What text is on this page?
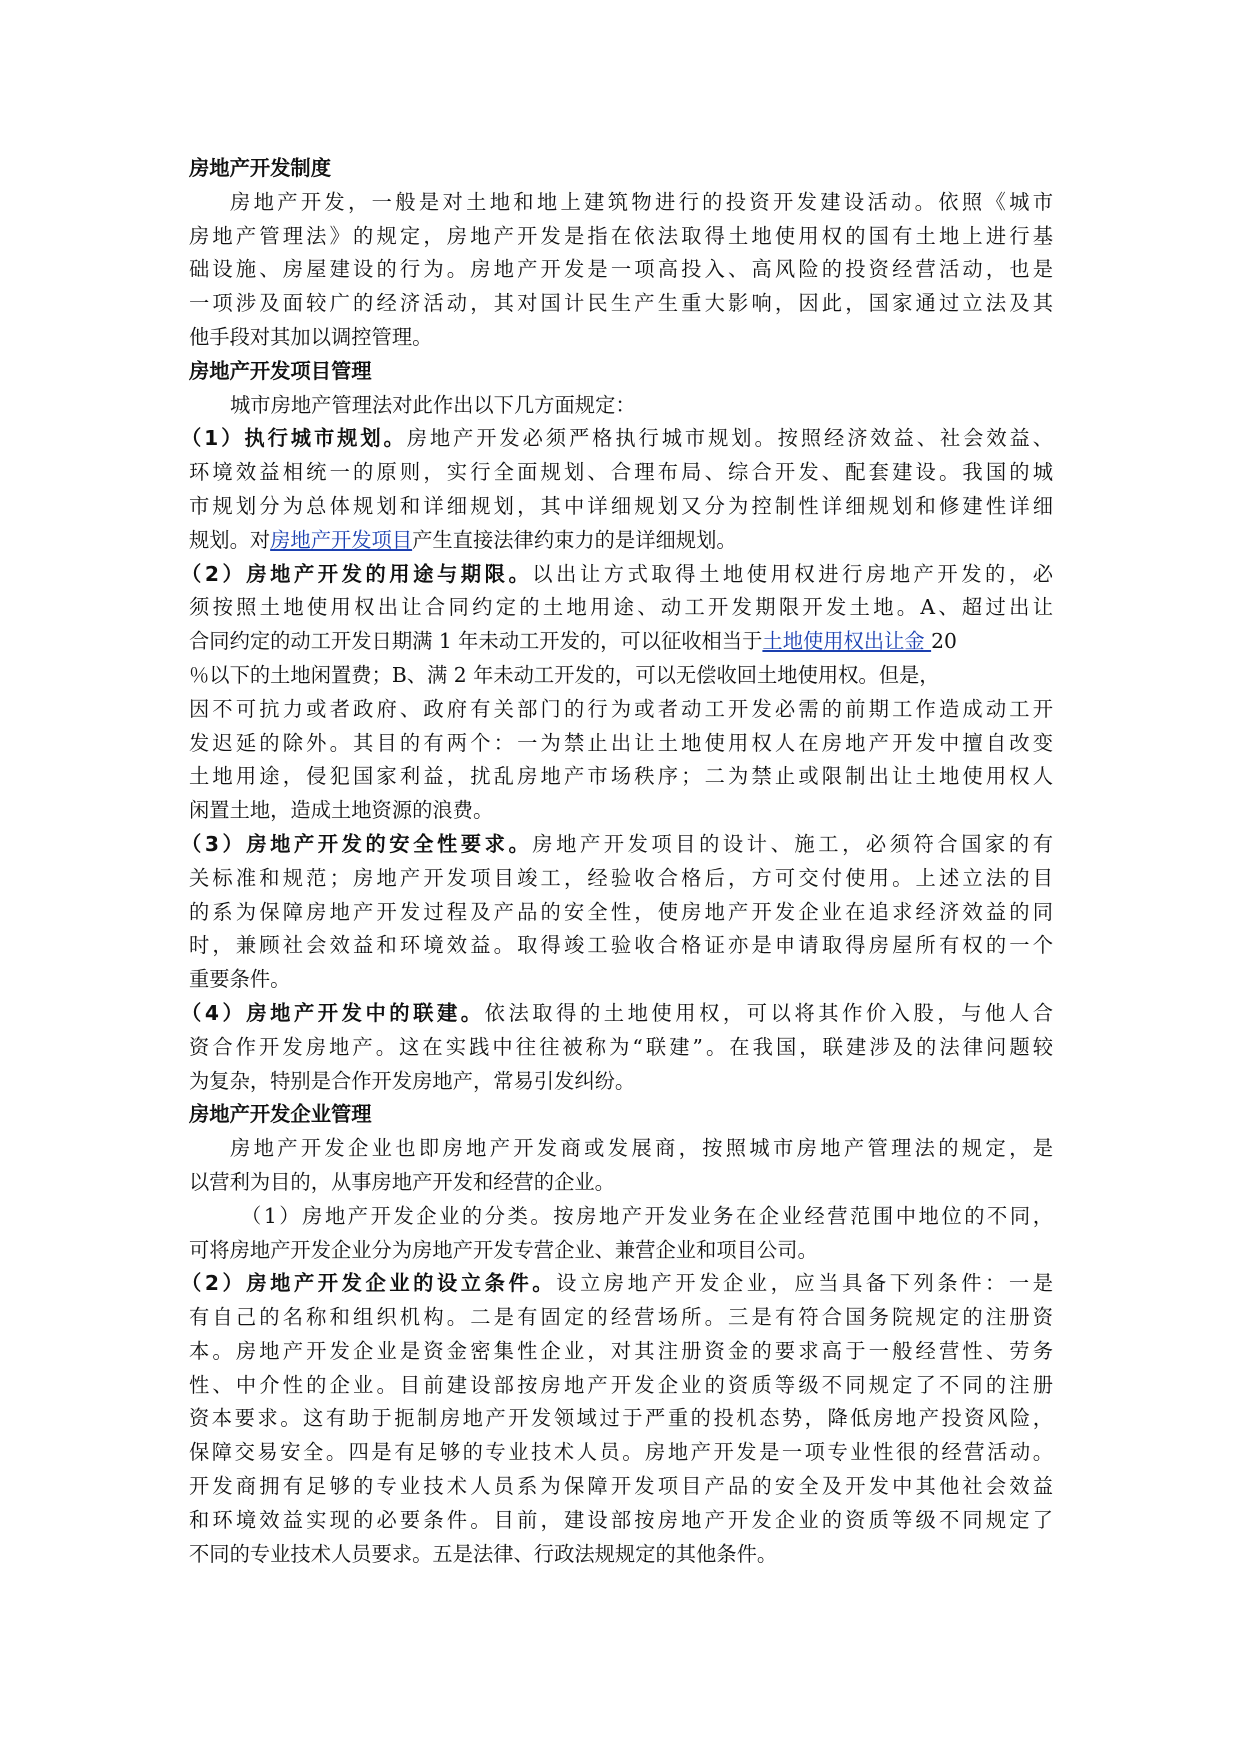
房地产开发制度
房地产开发，一般是对土地和地上建筑物进行的投资开发建设活动。依照《城市
房地产管理法》的规定，房地产开发是指在依法取得土地使用权的国有土地上进行基
础设施、房屋建设的行为。房地产开发是一项高投入、高风险的投资经营活动，也是
一项涉及面较广的经济活动，其对国计民生产生重大影响，因此，国家通过立法及其
他手段对其加以调控管理。
房地产开发项目管理
城市房地产管理法对此作出以下几方面规定：
（1）执行城市规划。房地产开发必须严格执行城市规划。按照经济效益、社会效益、
环境效益相统一的原则，实行全面规划、合理布局、综合开发、配套建设。我国的城
市规划分为总体规划和详细规划，其中详细规划又分为控制性详细规划和修建性详细
规划。对房地产开发项目产生直接法律约束力的是详细规划。
（2）房地产开发的用途与期限。以出让方式取得土地使用权进行房地产开发的，必
须按照土地使用权出让合同约定的土地用途、动工开发期限开发土地。A、超过出让
合同约定的动工开发日期满 1 年未动工开发的，可以征收相当于土地使用权出让金 20
％以下的土地闲置费；B、满 2 年未动工开发的，可以无偿收回土地使用权。但是，
因不可抗力或者政府、政府有关部门的行为或者动工开发必需的前期工作造成动工开
发迟延的除外。其目的有两个：一为禁止出让土地使用权人在房地产开发中擅自改变
土地用途，侵犯国家利益，扰乱房地产市场秩序；二为禁止或限制出让土地使用权人
闲置土地，造成土地资源的浪费。
（3）房地产开发的安全性要求。房地产开发项目的设计、施工，必须符合国家的有
关标准和规范；房地产开发项目竣工，经验收合格后，方可交付使用。上述立法的目
的系为保障房地产开发过程及产品的安全性，使房地产开发企业在追求经济效益的同
时，兼顾社会效益和环境效益。取得竣工验收合格证亦是申请取得房屋所有权的一个
重要条件。
（4）房地产开发中的联建。依法取得的土地使用权，可以将其作价入股，与他人合
资合作开发房地产。这在实践中往往被称为“联建”。在我国，联建涉及的法律问题较
为复杂，特别是合作开发房地产，常易引发纠纷。
房地产开发企业管理
房地产开发企业也即房地产开发商或发展商，按照城市房地产管理法的规定，是
以营利为目的，从事房地产开发和经营的企业。
（1）房地产开发企业的分类。按房地产开发业务在企业经营范围中地位的不同，
可将房地产开发企业分为房地产开发专营企业、兼营企业和项目公司。
（2）房地产开发企业的设立条件。设立房地产开发企业，应当具备下列条件：一是
有自己的名称和组织机构。二是有固定的经营场所。三是有符合国务院规定的注册资
本。房地产开发企业是资金密集性企业，对其注册资金的要求高于一般经营性、劳务
性、中介性的企业。目前建设部按房地产开发企业的资质等级不同规定了不同的注册
资本要求。这有助于扼制房地产开发领域过于严重的投机态势，降低房地产投资风险，
保障交易安全。四是有足够的专业技术人员。房地产开发是一项专业性很的经营活动。
开发商拥有足够的专业技术人员系为保障开发项目产品的安全及开发中其他社会效益
和环境效益实现的必要条件。目前，建设部按房地产开发企业的资质等级不同规定了
不同的专业技术人员要求。五是法律、行政法规规定的其他条件。
